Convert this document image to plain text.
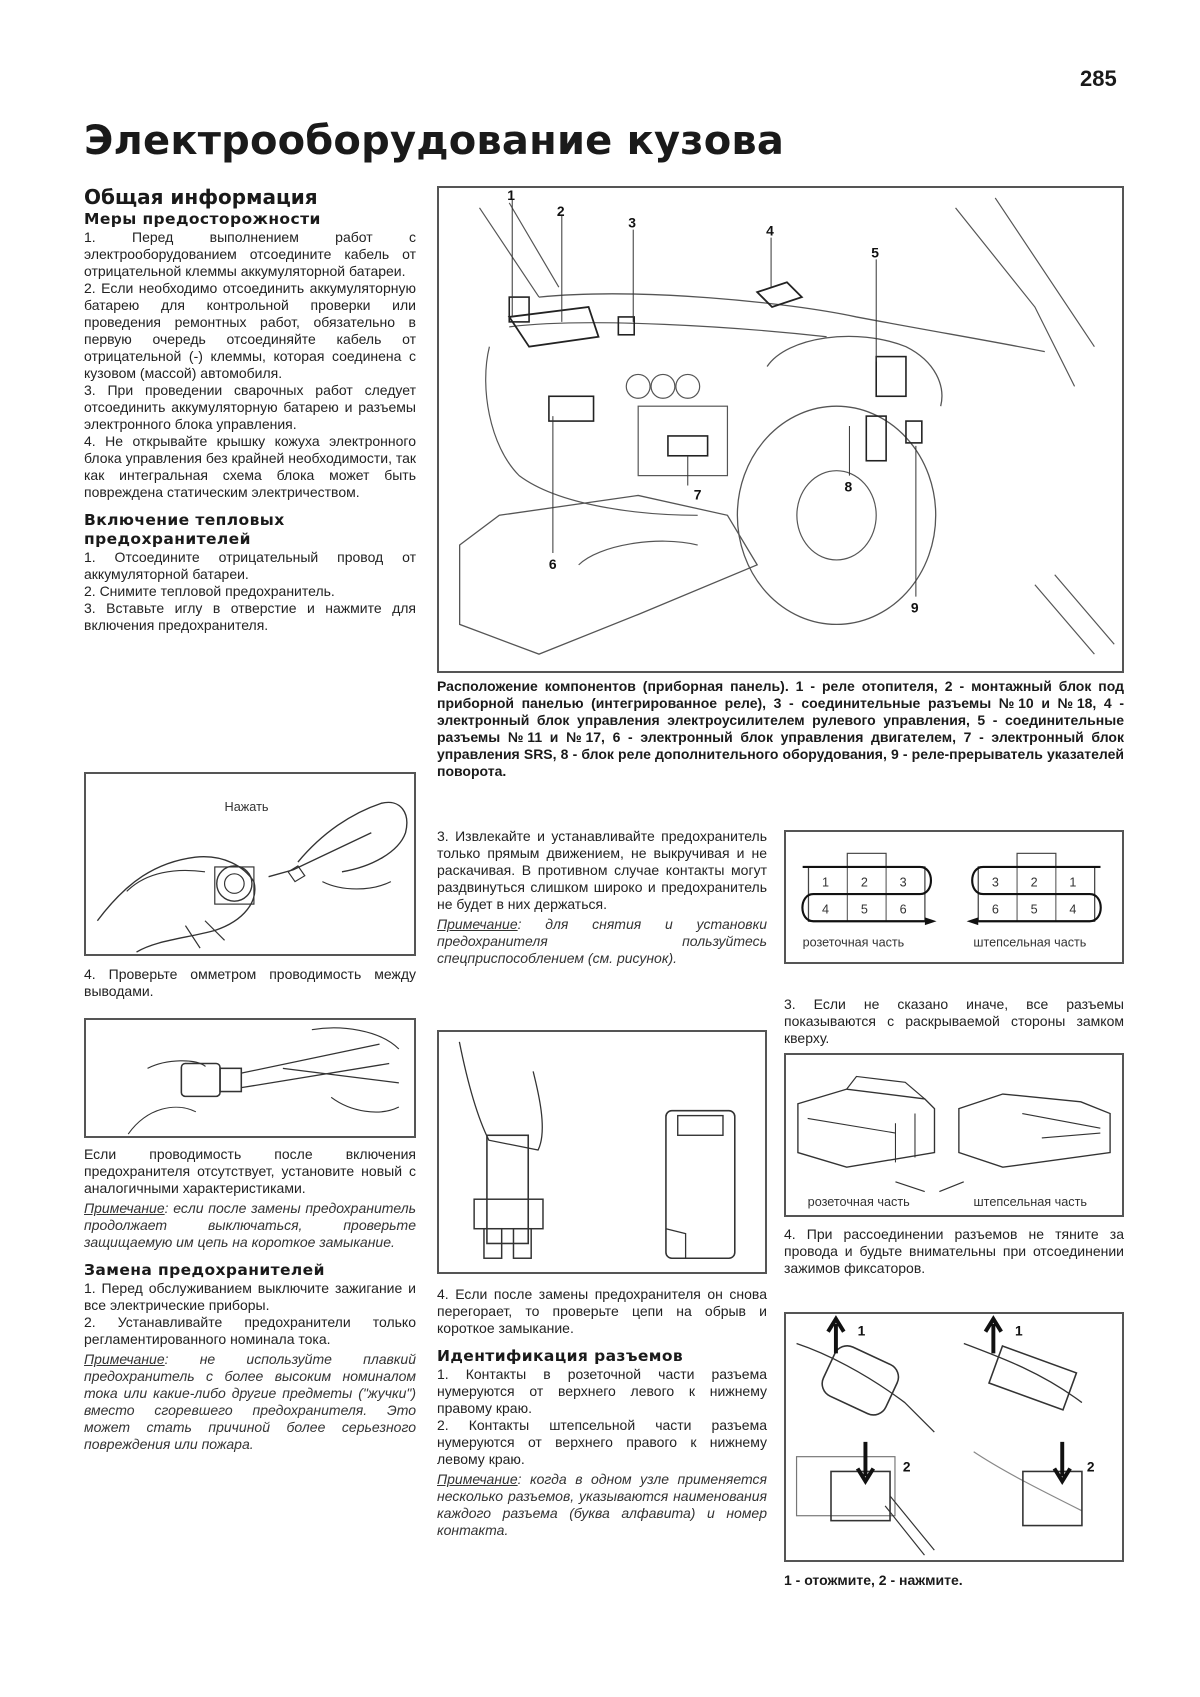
285
Электрооборудование кузова
Общая информация
Меры предосторожности
1. Перед выполнением работ с электрооборудованием отсоедините кабель от отрицательной клеммы аккумуляторной батареи.
2. Если необходимо отсоединить аккумуляторную батарею для контрольной проверки или проведения ремонтных работ, обязательно в первую очередь отсоединяйте кабель от отрицательной (-) клеммы, которая соединена с кузовом (массой) автомобиля.
3. При проведении сварочных работ следует отсоединить аккумуляторную батарею и разъемы электронного блока управления.
4. Не открывайте крышку кожуха электронного блока управления без крайней необходимости, так как интегральная схема блока может быть повреждена статическим электричеством.
Включение тепловых предохранителей
1. Отсоедините отрицательный провод от аккумуляторной батареи.
2. Снимите тепловой предохранитель.
3. Вставьте иглу в отверстие и нажмите для включения предохранителя.
Нажать
4. Проверьте омметром проводимость между выводами.
Если проводимость после включения предохранителя отсутствует, установите новый с аналогичными характеристиками.
Примечание: если после замены предохранитель продолжает выключаться, проверьте защищаемую им цепь на короткое замыкание.
Замена предохранителей
1. Перед обслуживанием выключите зажигание и все электрические приборы.
2. Устанавливайте предохранители только регламентированного номинала тока.
Примечание: не используйте плавкий предохранитель с более высоким номиналом тока или какие-либо другие предметы ("жучки") вместо сгоревшего предохранителя. Это может стать причиной более серьезного повреждения или пожара.
1
2
3	4
5
6
7	8
9
Расположение компонентов (приборная панель). 1 - реле отопителя, 2 - монтажный блок под приборной панелью (интегрированное реле), 3 - соединительные разъемы №10 и №18, 4 - электронный блок управления электроусилителем рулевого управления, 5 - соединительные разъемы №11 и №17, 6 - электронный блок управления двигателем, 7 - электронный блок управления SRS, 8 - блок реле дополнительного оборудования, 9 - реле-прерыватель указателей поворота.
3. Извлекайте и устанавливайте предохранитель только прямым движением, не выкручивая и не раскачивая. В противном случае контакты могут раздвинуться слишком широко и предохранитель не будет в них держаться.
Примечание: для снятия и установки предохранителя пользуйтесь спецприспособлением (см. рисунок).
4. Если после замены предохранителя он снова перегорает, то проверьте цепи на обрыв и короткое замыкание.
Идентификация разъемов
1. Контакты в розеточной части разъема нумеруются от верхнего левого к нижнему правому краю.
2. Контакты штепсельной части разъема нумеруются от верхнего правого к нижнему левому краю.
Примечание: когда в одном узле применяется несколько разъемов, указываются наименования каждого разъема (буква алфавита) и номер контакта.
1 2 3
4 5 6
розеточная часть
3 2 1
6 5 4
штепсельная часть
3. Если не сказано иначе, все разъемы показываются с раскрываемой стороны замком кверху.
розеточная часть	штепсельная часть
4. При рассоединении разъемов не тяните за провода и будьте внимательны при отсоединении зажимов фиксаторов.
1	1
2	2
1 - отожмите, 2 - нажмите.
